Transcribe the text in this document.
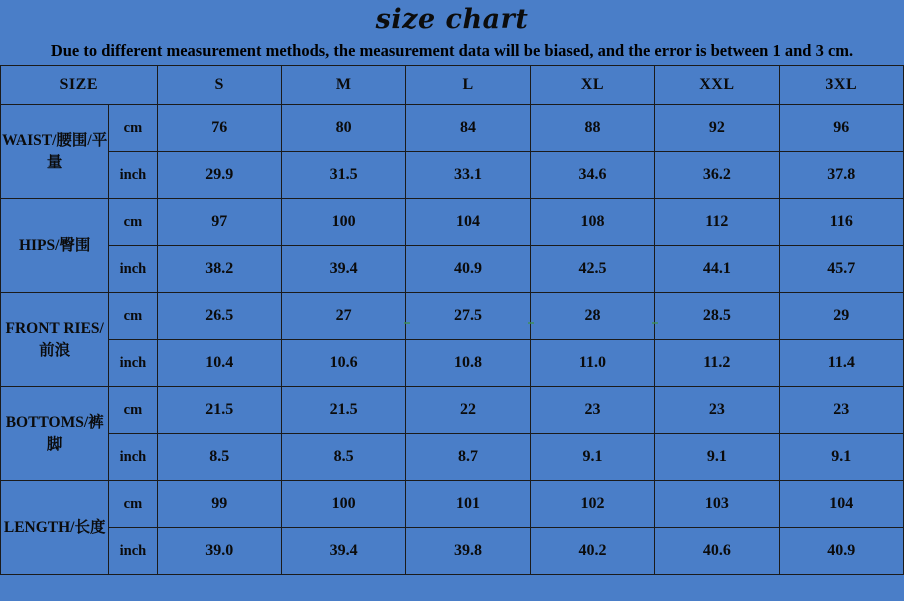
size chart
Due to different measurement methods, the measurement data will be biased, and the error is between 1 and 3 cm.
SIZE		S	M	L	XL	XXL	3XL
WAIST/腰围/平量	cm	76	80	84	88	92	96
	inch	29.9	31.5	33.1	34.6	36.2	37.8
HIPS/臀围	cm	97	100	104	108	112	116
	inch	38.2	39.4	40.9	42.5	44.1	45.7
FRONT RIES/前浪	cm	26.5	27	27.5	28	28.5	29
	inch	10.4	10.6	10.8	11.0	11.2	11.4
BOTTOMS/裤脚	cm	21.5	21.5	22	23	23	23
	inch	8.5	8.5	8.7	9.1	9.1	9.1
LENGTH/长度	cm	99	100	101	102	103	104
	inch	39.0	39.4	39.8	40.2	40.6	40.9
